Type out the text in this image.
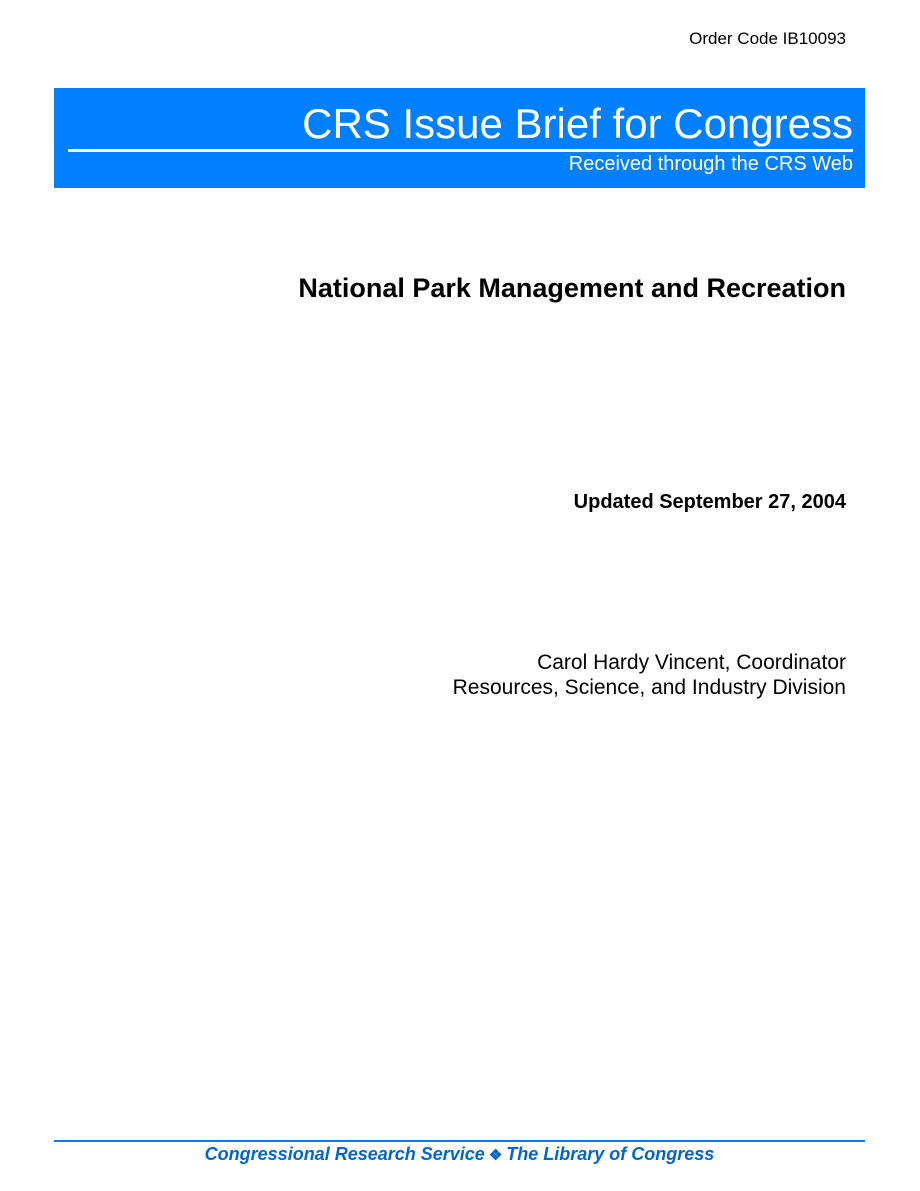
Order Code IB10093
CRS Issue Brief for Congress
Received through the CRS Web
National Park Management and Recreation
Updated September 27, 2004
Carol Hardy Vincent, Coordinator
Resources, Science, and Industry Division
Congressional Research Service ❖ The Library of Congress
